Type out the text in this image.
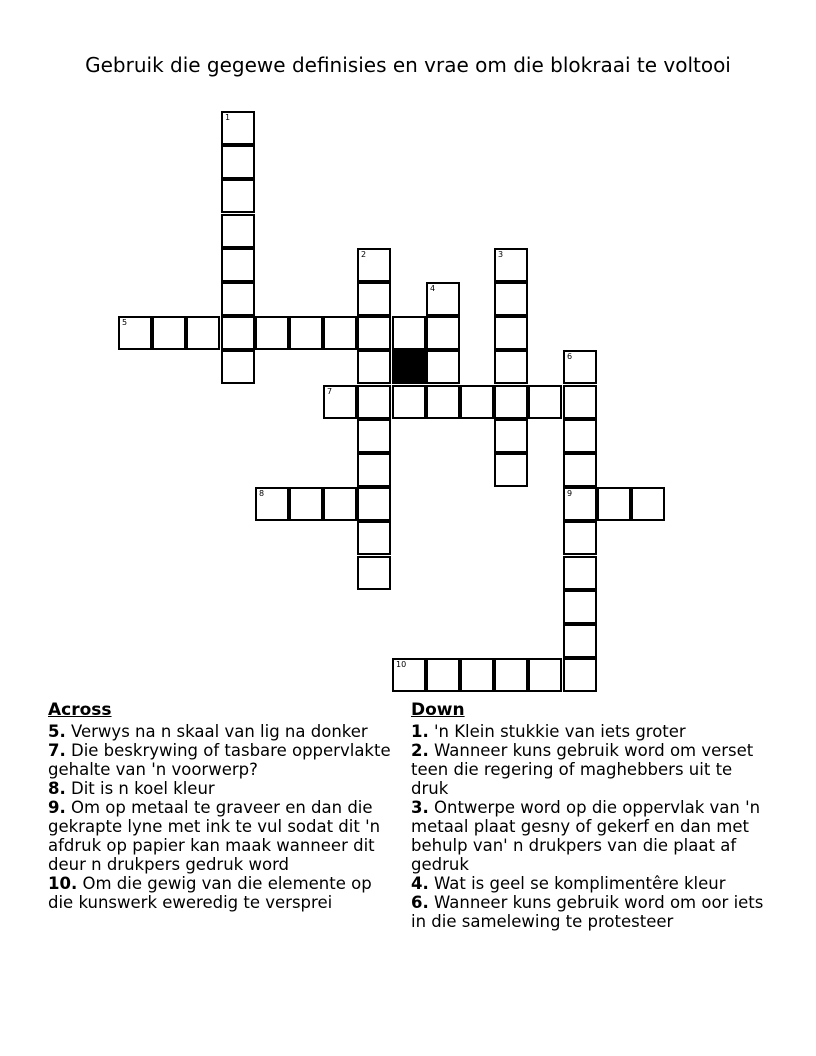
Gebruik die gegewe definisies en vrae om die blokraai te voltooi
1
2	3
4
5
6
9
7
8
10
Across
5. Verwys na n skaal van lig na donker
7. Die beskrywing of tasbare oppervlakte gehalte van 'n voorwerp?
8. Dit is n koel kleur
9. Om op metaal te graveer en dan die gekrapte lyne met ink te vul sodat dit 'n afdruk op papier kan maak wanneer dit deur n drukpers gedruk word
10. Om die gewig van die elemente op die kunswerk eweredig te versprei
Down
1. 'n Klein stukkie van iets groter
2. Wanneer kuns gebruik word om verset teen die regering of maghebbers uit te druk
3. Ontwerpe word op die oppervlak van 'n metaal plaat gesny of gekerf en dan met behulp van' n drukpers van die plaat af gedruk
4. Wat is geel se komplimentêre kleur
6. Wanneer kuns gebruik word om oor iets in die samelewing te protesteer
